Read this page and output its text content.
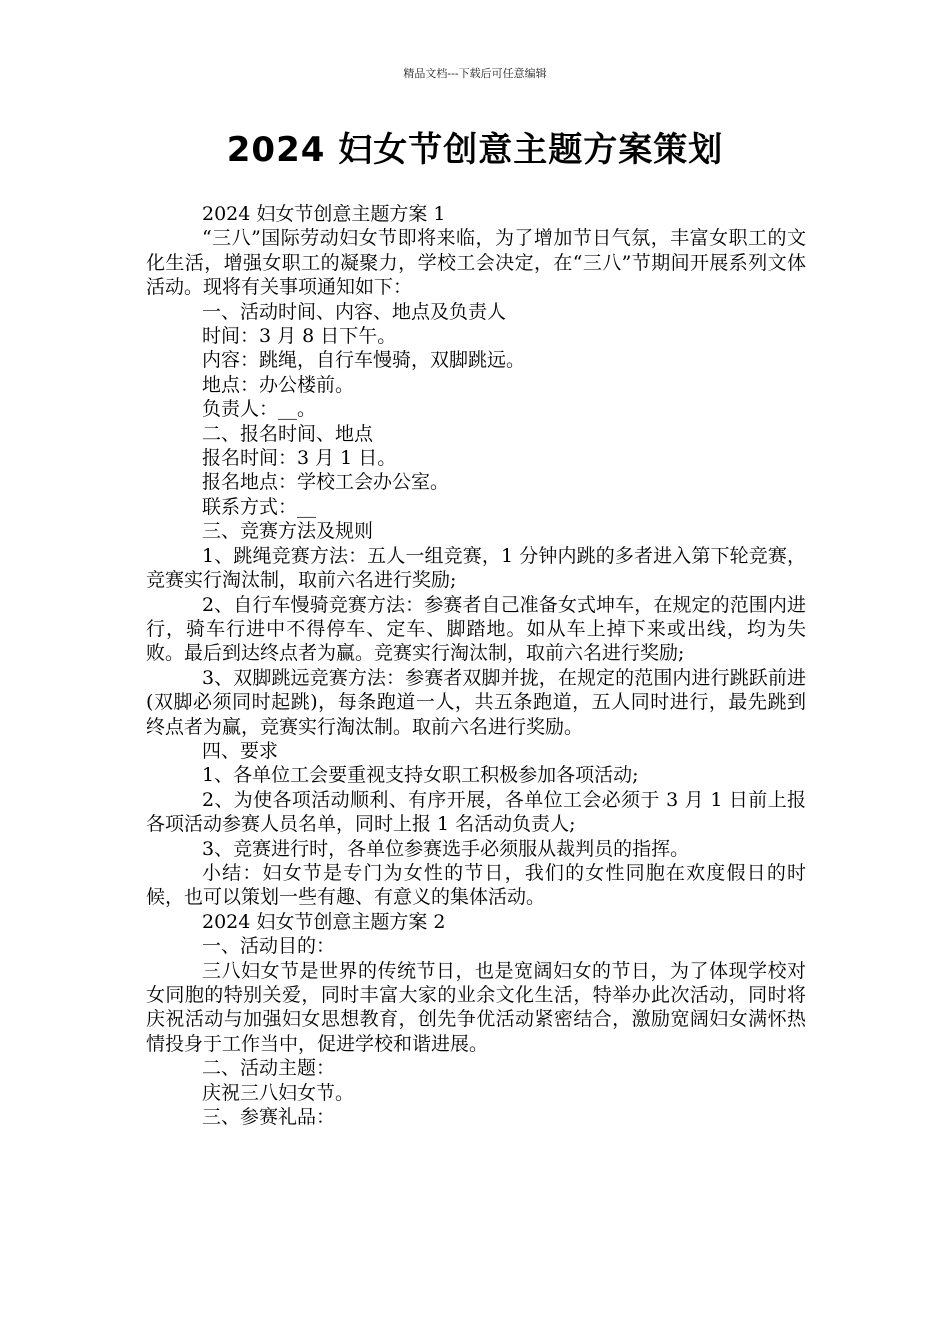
精品文档---下载后可任意编辑
2024 妇女节创意主题方案策划

2024 妇女节创意主题方案 1

“三八”国际劳动妇女节即将来临，为了增加节日气氛，丰富女职工的文化生活，增强女职工的凝聚力，学校工会决定，在“三八”节期间开展系列文体活动。现将有关事项通知如下：

一、活动时间、内容、地点及负责人

时间：3 月 8 日下午。

内容：跳绳，自行车慢骑，双脚跳远。

地点：办公楼前。

负责人：__。

二、报名时间、地点

报名时间：3 月 1 日。

报名地点：学校工会办公室。

联系方式：__

三、竞赛方法及规则

1、跳绳竞赛方法：五人一组竞赛，1 分钟内跳的多者进入第下轮竞赛，竞赛实行淘汰制，取前六名进行奖励;

2、自行车慢骑竞赛方法：参赛者自己准备女式坤车，在规定的范围内进行，骑车行进中不得停车、定车、脚踏地。如从车上掉下来或出线，均为失败。最后到达终点者为赢。竞赛实行淘汰制，取前六名进行奖励;

3、双脚跳远竞赛方法：参赛者双脚并拢，在规定的范围内进行跳跃前进(双脚必须同时起跳)，每条跑道一人，共五条跑道，五人同时进行，最先跳到终点者为赢，竞赛实行淘汰制。取前六名进行奖励。

四、要求

1、各单位工会要重视支持女职工积极参加各项活动;

2、为使各项活动顺利、有序开展，各单位工会必须于 3 月 1 日前上报各项活动参赛人员名单，同时上报 1 名活动负责人;

3、竞赛进行时，各单位参赛选手必须服从裁判员的指挥。

小结：妇女节是专门为女性的节日，我们的女性同胞在欢度假日的时候，也可以策划一些有趣、有意义的集体活动。

2024 妇女节创意主题方案 2

一、活动目的：

三八妇女节是世界的传统节日，也是宽阔妇女的节日，为了体现学校对女同胞的特别关爱，同时丰富大家的业余文化生活，特举办此次活动，同时将庆祝活动与加强妇女思想教育，创先争优活动紧密结合，激励宽阔妇女满怀热情投身于工作当中，促进学校和谐进展。

二、活动主题：

庆祝三八妇女节。

三、参赛礼品：
